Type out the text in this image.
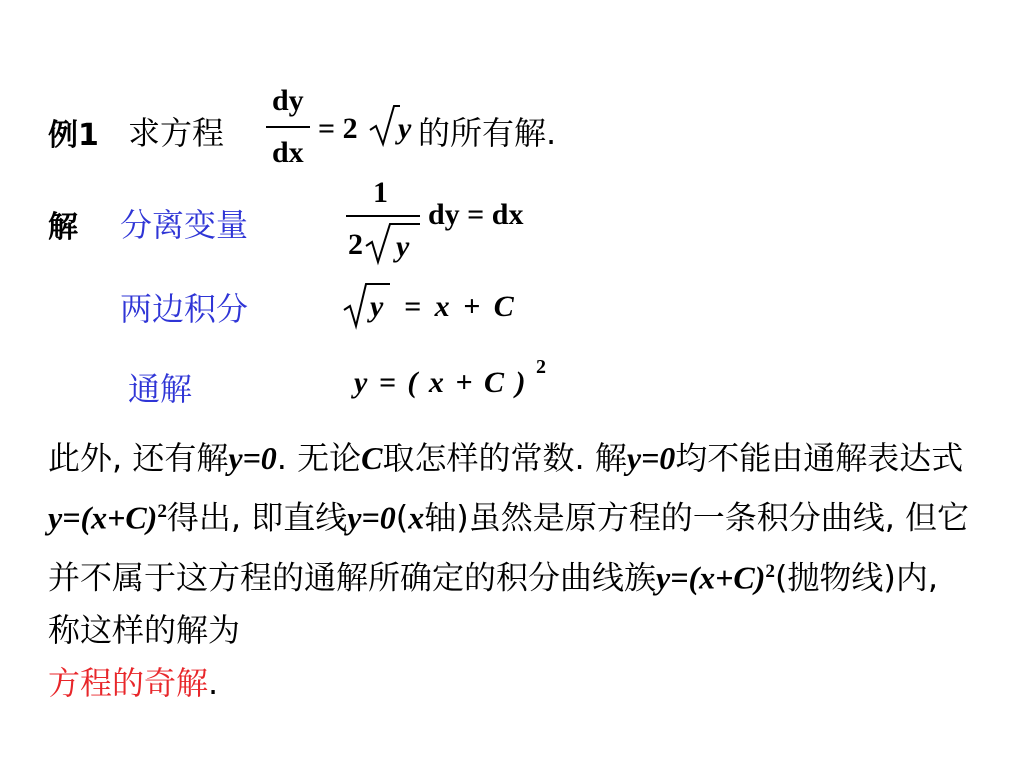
例1 求方程
dy
dx
= 2 y 的所有解.
解 分离变量
1
2 y
dy = dx
两边积分	y = x + C
通解	y = ( x + C ) 2
此外, 还有解y=0. 无论C取怎样的常数. 解y=0均不能由通解表达式$y=(x+C)^2$得出, 即直线y=0(x轴)虽然是原方程的一条积分曲线, 但它并不属于这方程的通解所确定的积分曲线族$y=(x+C)^2$(抛物线)内, 称这样的解为
方程的奇解.
